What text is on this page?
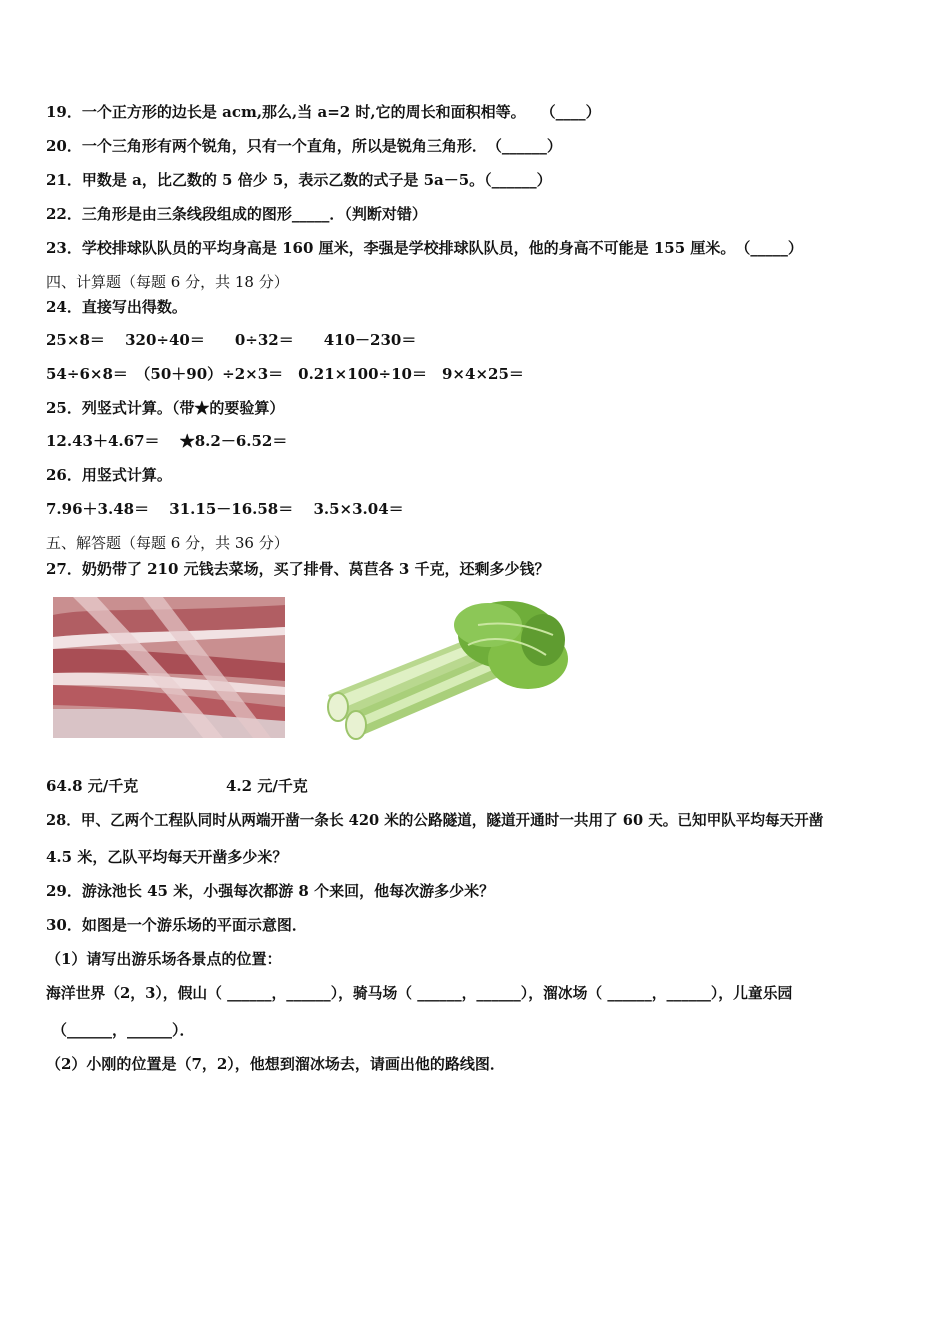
19．一个正方形的边长是 acm,那么,当 a=2 时,它的周长和面积相等。　　（____）
20．一个三角形有两个锐角，只有一个直角，所以是锐角三角形．　（______）
21．甲数是 a，比乙数的 5 倍少 5，表示乙数的式子是 5a－5。（______）
22．三角形是由三条线段组成的图形_____．（判断对错）
23．学校排球队队员的平均身高是 160 厘米，李强是学校排球队队员，他的身高不可能是 155 厘米。　（_____）
四、计算题（每题 6 分，共 18 分）
24．直接写出得数。
25×8＝　 320÷40＝　　0÷32＝　　410－230＝
54÷6×8＝　（50＋90）÷2×3＝　0.21×100÷10＝　9×4×25＝
25．列竖式计算。（带★的要验算）
12.43＋4.67＝　 ★8.2－6.52＝
26．用竖式计算。
7.96＋3.48＝　 31.15－16.58＝　 3.5×3.04＝
五、解答题（每题 6 分，共 36 分）
27．奶奶带了 210 元钱去菜场，买了排骨、莴苣各 3 千克，还剩多少钱？
64.8 元/千克	4.2 元/千克
28．甲、乙两个工程队同时从两端开凿一条长 420 米的公路隧道，隧道开通时一共用了 60 天。已知甲队平均每天开凿
4.5 米，乙队平均每天开凿多少米？
29．游泳池长 45 米，小强每次都游 8 个来回，他每次游多少米？
30．如图是一个游乐场的平面示意图．
（1）请写出游乐场各景点的位置：
海洋世界（2，3），假山（ ______，______），骑马场（ ______，______），溜冰场（ ______，______），儿童乐园
（______，______）．
（2）小刚的位置是（7，2），他想到溜冰场去，请画出他的路线图．
